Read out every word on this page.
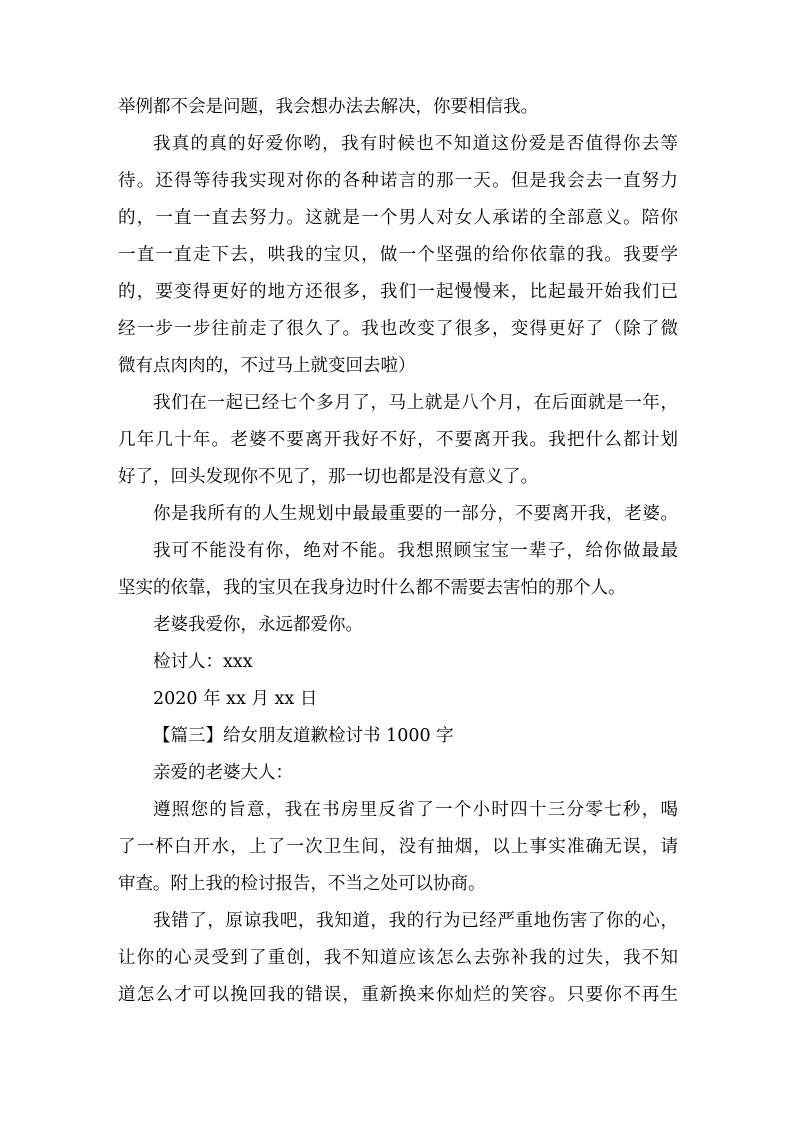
举例都不会是问题，我会想办法去解决，你要相信我。
我真的真的好爱你哟，我有时候也不知道这份爱是否值得你去等
待。还得等待我实现对你的各种诺言的那一天。但是我会去一直努力
的，一直一直去努力。这就是一个男人对女人承诺的全部意义。陪你
一直一直走下去，哄我的宝贝，做一个坚强的给你依靠的我。我要学
的，要变得更好的地方还很多，我们一起慢慢来，比起最开始我们已
经一步一步往前走了很久了。我也改变了很多，变得更好了（除了微
微有点肉肉的，不过马上就变回去啦）
我们在一起已经七个多月了，马上就是八个月，在后面就是一年，
几年几十年。老婆不要离开我好不好，不要离开我。我把什么都计划
好了，回头发现你不见了，那一切也都是没有意义了。
你是我所有的人生规划中最最重要的一部分，不要离开我，老婆。
我可不能没有你，绝对不能。我想照顾宝宝一辈子，给你做最最
坚实的依靠，我的宝贝在我身边时什么都不需要去害怕的那个人。
老婆我爱你，永远都爱你。
检讨人：xxx
2020 年 xx 月 xx 日
【篇三】给女朋友道歉检讨书 1000 字
亲爱的老婆大人：
遵照您的旨意，我在书房里反省了一个小时四十三分零七秒，喝
了一杯白开水，上了一次卫生间，没有抽烟，以上事实准确无误，请
审查。附上我的检讨报告，不当之处可以协商。
我错了，原谅我吧，我知道，我的行为已经严重地伤害了你的心，
让你的心灵受到了重创，我不知道应该怎么去弥补我的过失，我不知
道怎么才可以挽回我的错误，重新换来你灿烂的笑容。只要你不再生
